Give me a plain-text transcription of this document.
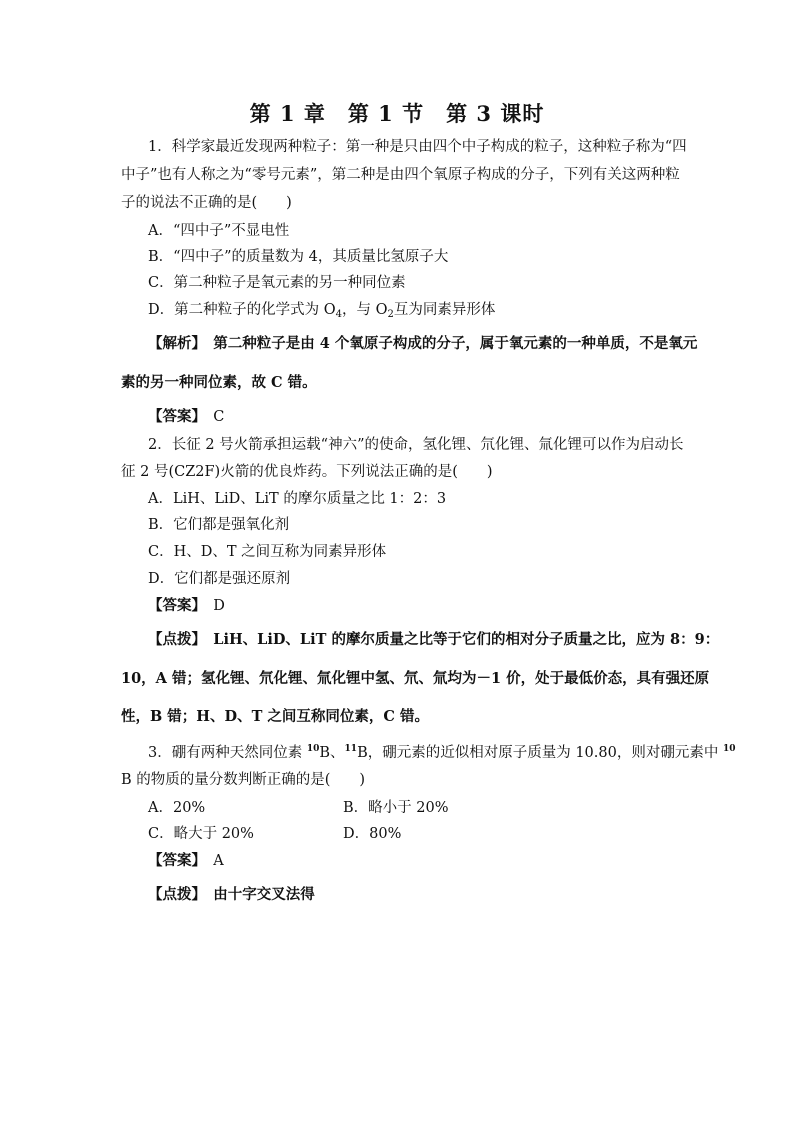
第 1 章　第 1 节　第 3 课时
1．科学家最近发现两种粒子：第一种是只由四个中子构成的粒子，这种粒子称为“四
中子”也有人称之为“零号元素”，第二种是由四个氧原子构成的分子，下列有关这两种粒
子的说法不正确的是(　　)
A．“四中子”不显电性
B．“四中子”的质量数为 4，其质量比氢原子大
C．第二种粒子是氧元素的另一种同位素
D．第二种粒子的化学式为 $O_4$，与 $O_2$互为同素异形体
【解析】　第二种粒子是由 4 个氧原子构成的分子，属于氧元素的一种单质，不是氧元
素的另一种同位素，故 C 错。
【答案】　C
2．长征 2 号火箭承担运载“神六”的使命，氢化锂、氘化锂、氚化锂可以作为启动长
征 2 号(CZ2F)火箭的优良炸药。下列说法正确的是(　　)
A．LiH、LiD、LiT 的摩尔质量之比 1：2：3
B．它们都是强氧化剂
C．H、D、T 之间互称为同素异形体
D．它们都是强还原剂
【答案】　D
【点拨】　LiH、LiD、LiT 的摩尔质量之比等于它们的相对分子质量之比，应为 8：9：
10，A 错；氢化锂、氘化锂、氚化锂中氢、氘、氚均为－1 价，处于最低价态，具有强还原
性，B 错；H、D、T 之间互称同位素，C 错。
3．硼有两种天然同位素 $^{10}$B、$^{11}$B，硼元素的近似相对原子质量为 10.80，则对硼元素中 $^{10}$
B 的物质的量分数判断正确的是(　　)
A．20%	B．略小于 20%
C．略大于 20%	D．80%
【答案】　A
【点拨】　由十字交叉法得
